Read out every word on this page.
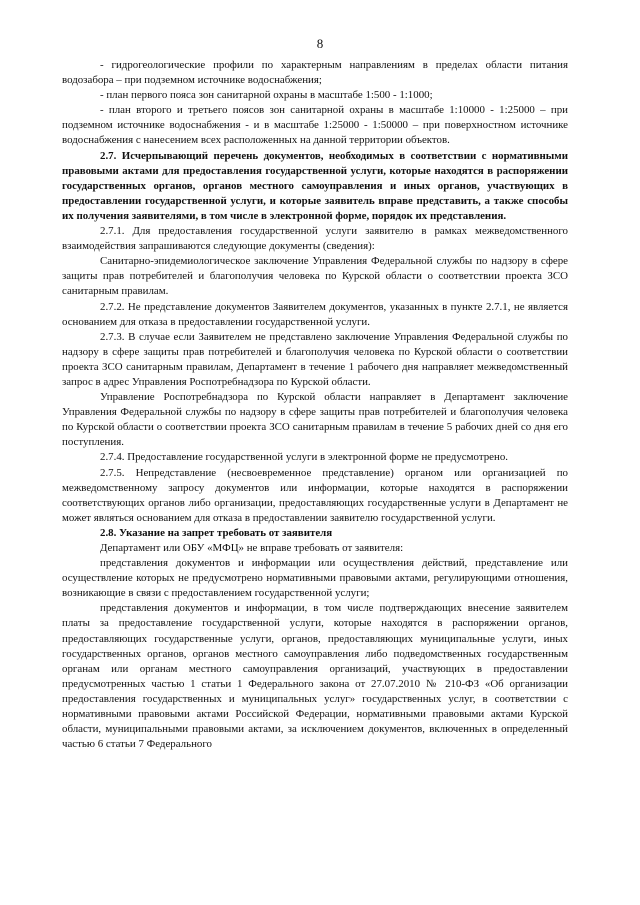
8

- гидрогеологические профили по характерным направлениям в пределах области питания водозабора – при подземном источнике водоснабжения;

- план первого пояса зон санитарной охраны в масштабе 1:500 - 1:1000;

- план второго и третьего поясов зон санитарной охраны в масштабе 1:10000 - 1:25000 – при подземном источнике водоснабжения - и в масштабе 1:25000 - 1:50000 – при поверхностном источнике водоснабжения с нанесением всех расположенных на данной территории объектов.

2.7. Исчерпывающий перечень документов, необходимых в соответствии с нормативными правовыми актами для предоставления государственной услуги, которые находятся в распоряжении государственных органов, органов местного самоуправления и иных органов, участвующих в предоставлении государственной услуги, и которые заявитель вправе представить, а также способы их получения заявителями, в том числе в электронной форме, порядок их представления.

2.7.1. Для предоставления государственной услуги заявителю в рамках межведомственного взаимодействия запрашиваются следующие документы (сведения):

Санитарно-эпидемиологическое заключение Управления Федеральной службы по надзору в сфере защиты прав потребителей и благополучия человека по Курской области о соответствии проекта ЗСО санитарным правилам.

2.7.2. Не представление документов Заявителем документов, указанных в пункте 2.7.1, не является основанием для отказа в предоставлении государственной услуги.

2.7.3. В случае если Заявителем не представлено заключение Управления Федеральной службы по надзору в сфере защиты прав потребителей и благополучия человека по Курской области о соответствии проекта ЗСО санитарным правилам, Департамент в течение 1 рабочего дня направляет межведомственный запрос в адрес Управления Роспотребнадзора по Курской области.

Управление Роспотребнадзора по Курской области направляет в Департамент заключение Управления Федеральной службы по надзору в сфере защиты прав потребителей и благополучия человека по Курской области о соответствии проекта ЗСО санитарным правилам в течение 5 рабочих дней со дня его поступления.

2.7.4. Предоставление государственной услуги в электронной форме не предусмотрено.

2.7.5. Непредставление (несвоевременное представление) органом или организацией по межведомственному запросу документов или информации, которые находятся в распоряжении соответствующих органов либо организации, предоставляющих государственные услуги в Департамент не может являться основанием для отказа в предоставлении заявителю государственной услуги.

2.8. Указание на запрет требовать от заявителя

Департамент или ОБУ «МФЦ» не вправе требовать от заявителя:

представления документов и информации или осуществления действий, представление или осуществление которых не предусмотрено нормативными правовыми актами, регулирующими отношения, возникающие в связи с предоставлением государственной услуги;

представления документов и информации, в том числе подтверждающих внесение заявителем платы за предоставление государственной услуги, которые находятся в распоряжении органов, предоставляющих государственные услуги, органов, предоставляющих муниципальные услуги, иных государственных органов, органов местного самоуправления либо подведомственных государственным органам или органам местного самоуправления организаций, участвующих в предоставлении предусмотренных частью 1 статьи 1 Федерального закона от 27.07.2010 № 210-ФЗ «Об организации предоставления государственных и муниципальных услуг» государственных услуг, в соответствии с нормативными правовыми актами Российской Федерации, нормативными правовыми актами Курской области, муниципальными правовыми актами, за исключением документов, включенных в определенный частью 6 статьи 7 Федерального
